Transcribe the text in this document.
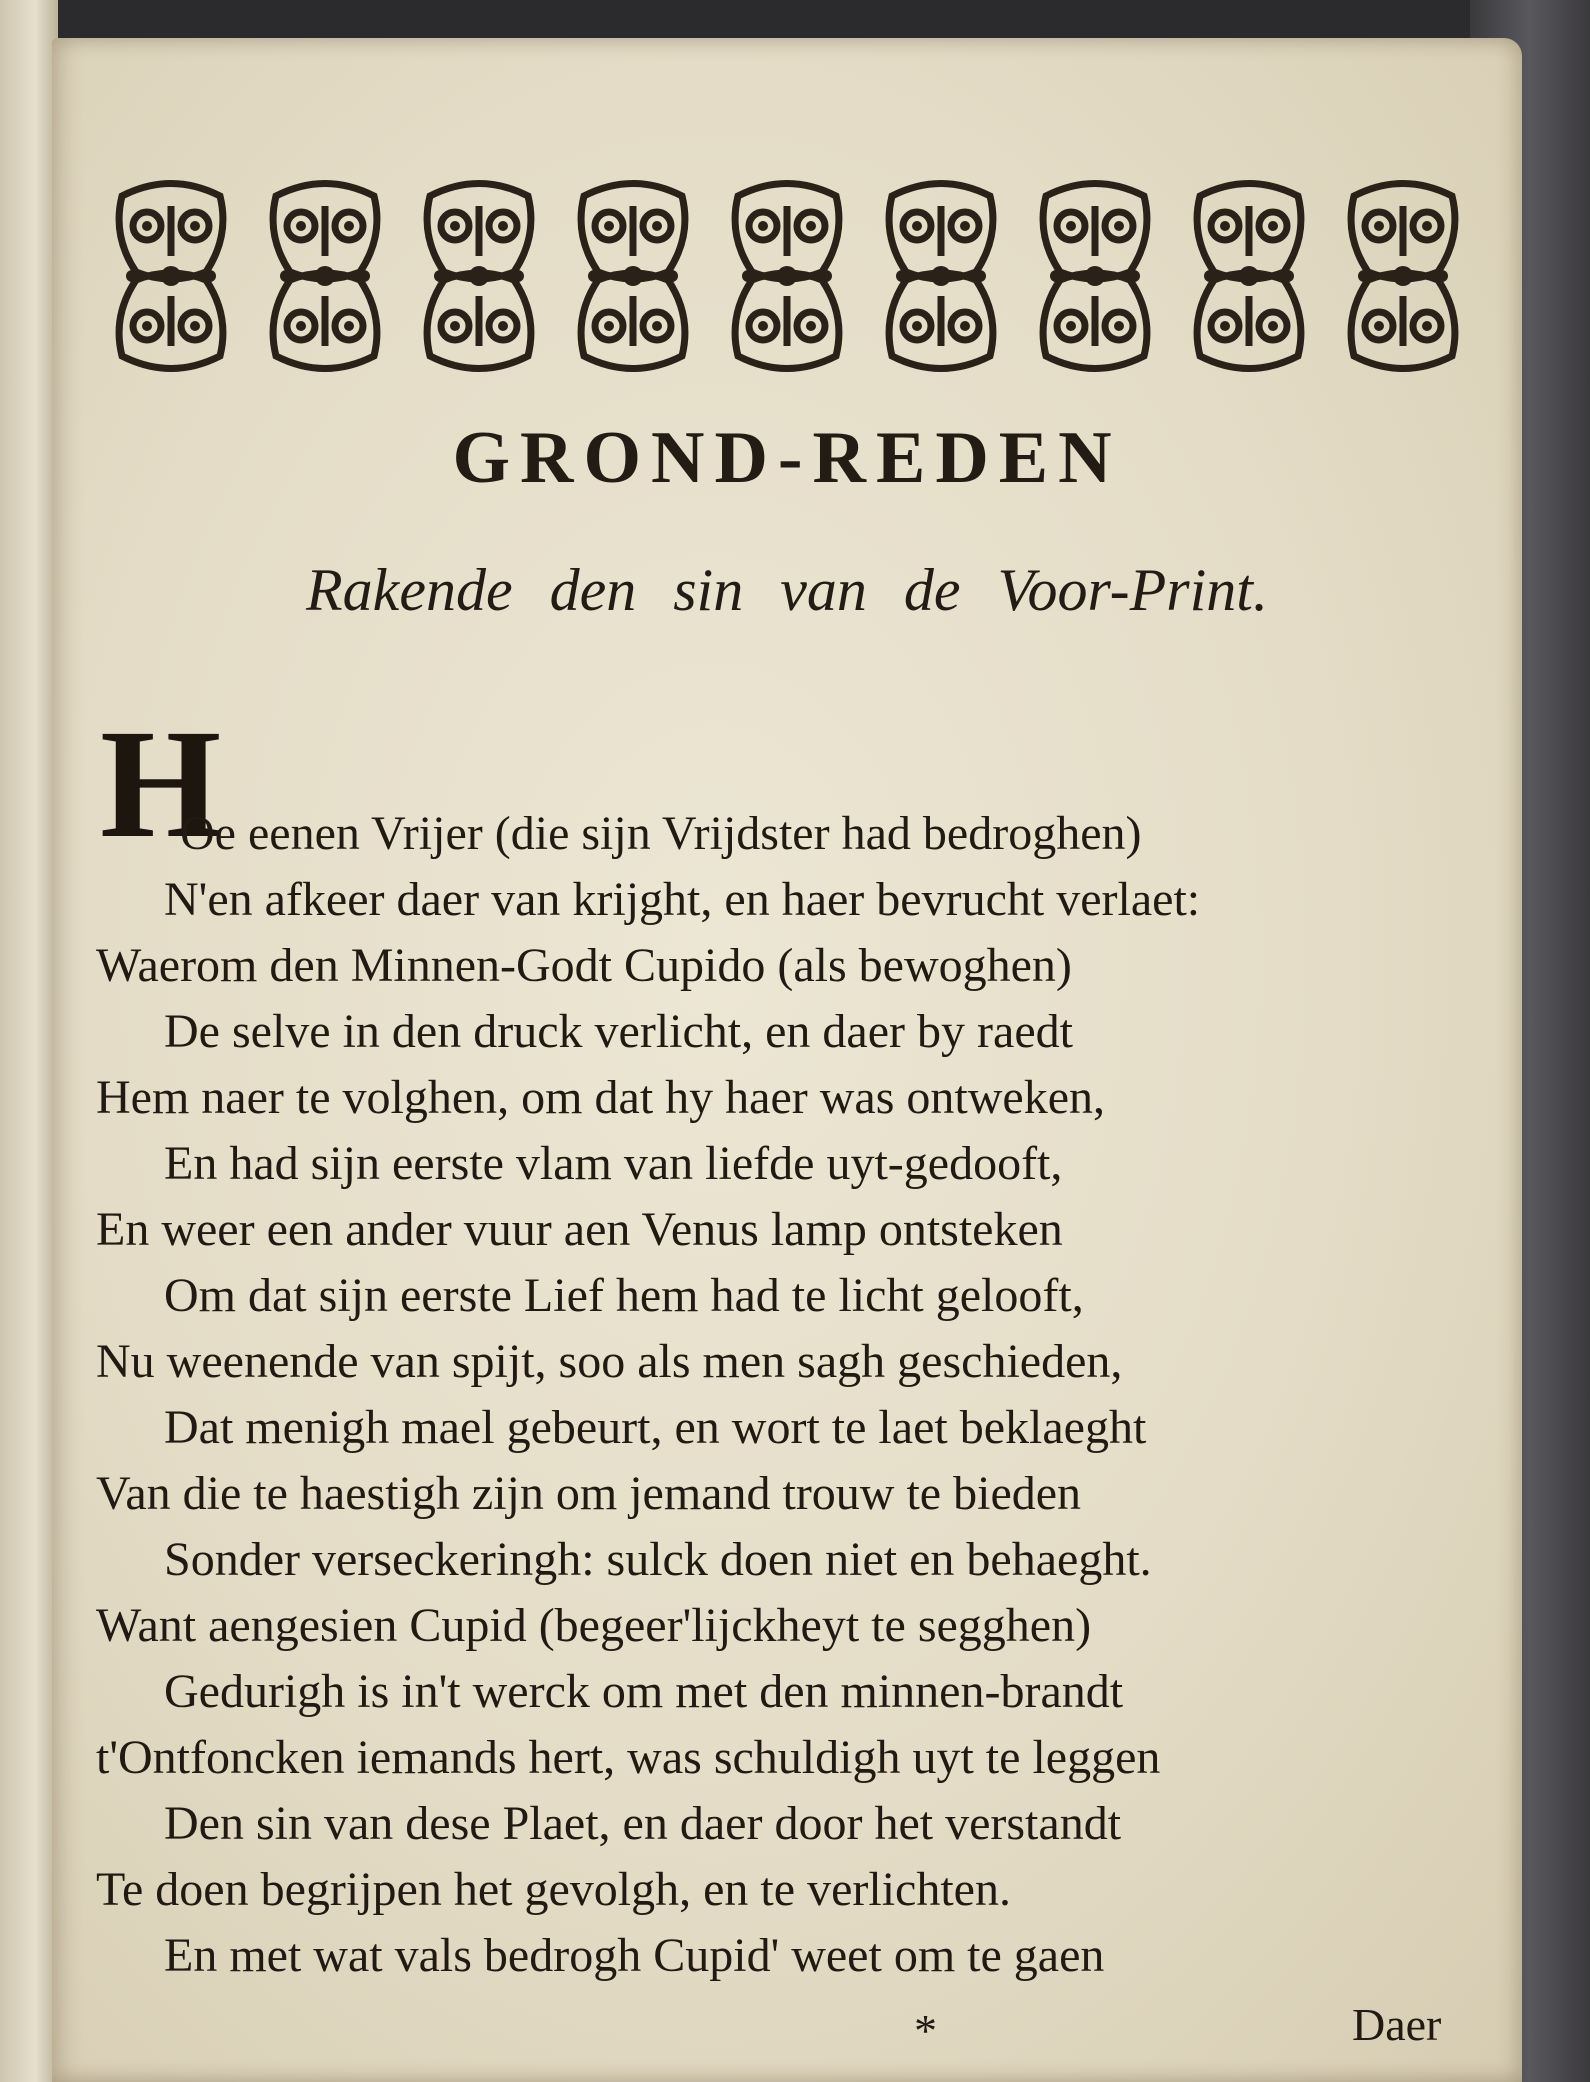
GROND-REDEN
Rakende den sin van de Voor-Print.
H
Oe eenen Vrijer (die sijn Vrijdster had bedroghen)
N'en afkeer daer van krijght, en haer bevrucht verlaet:
Waerom den Minnen-Godt Cupido (als bewoghen)
De selve in den druck verlicht, en daer by raedt
Hem naer te volghen, om dat hy haer was ontweken,
En had sijn eerste vlam van liefde uyt-gedooft,
En weer een ander vuur aen Venus lamp ontsteken
Om dat sijn eerste Lief hem had te licht gelooft,
Nu weenende van spijt, soo als men sagh geschieden,
Dat menigh mael gebeurt, en wort te laet beklaeght
Van die te haestigh zijn om jemand trouw te bieden
Sonder verseckeringh: sulck doen niet en behaeght.
Want aengesien Cupid (begeer'lijckheyt te segghen)
Gedurigh is in't werck om met den minnen-brandt
t'Ontfoncken iemands hert, was schuldigh uyt te leggen
Den sin van dese Plaet, en daer door het verstandt
Te doen begrijpen het gevolgh, en te verlichten.
En met wat vals bedrogh Cupid' weet om te gaen
*	Daer
